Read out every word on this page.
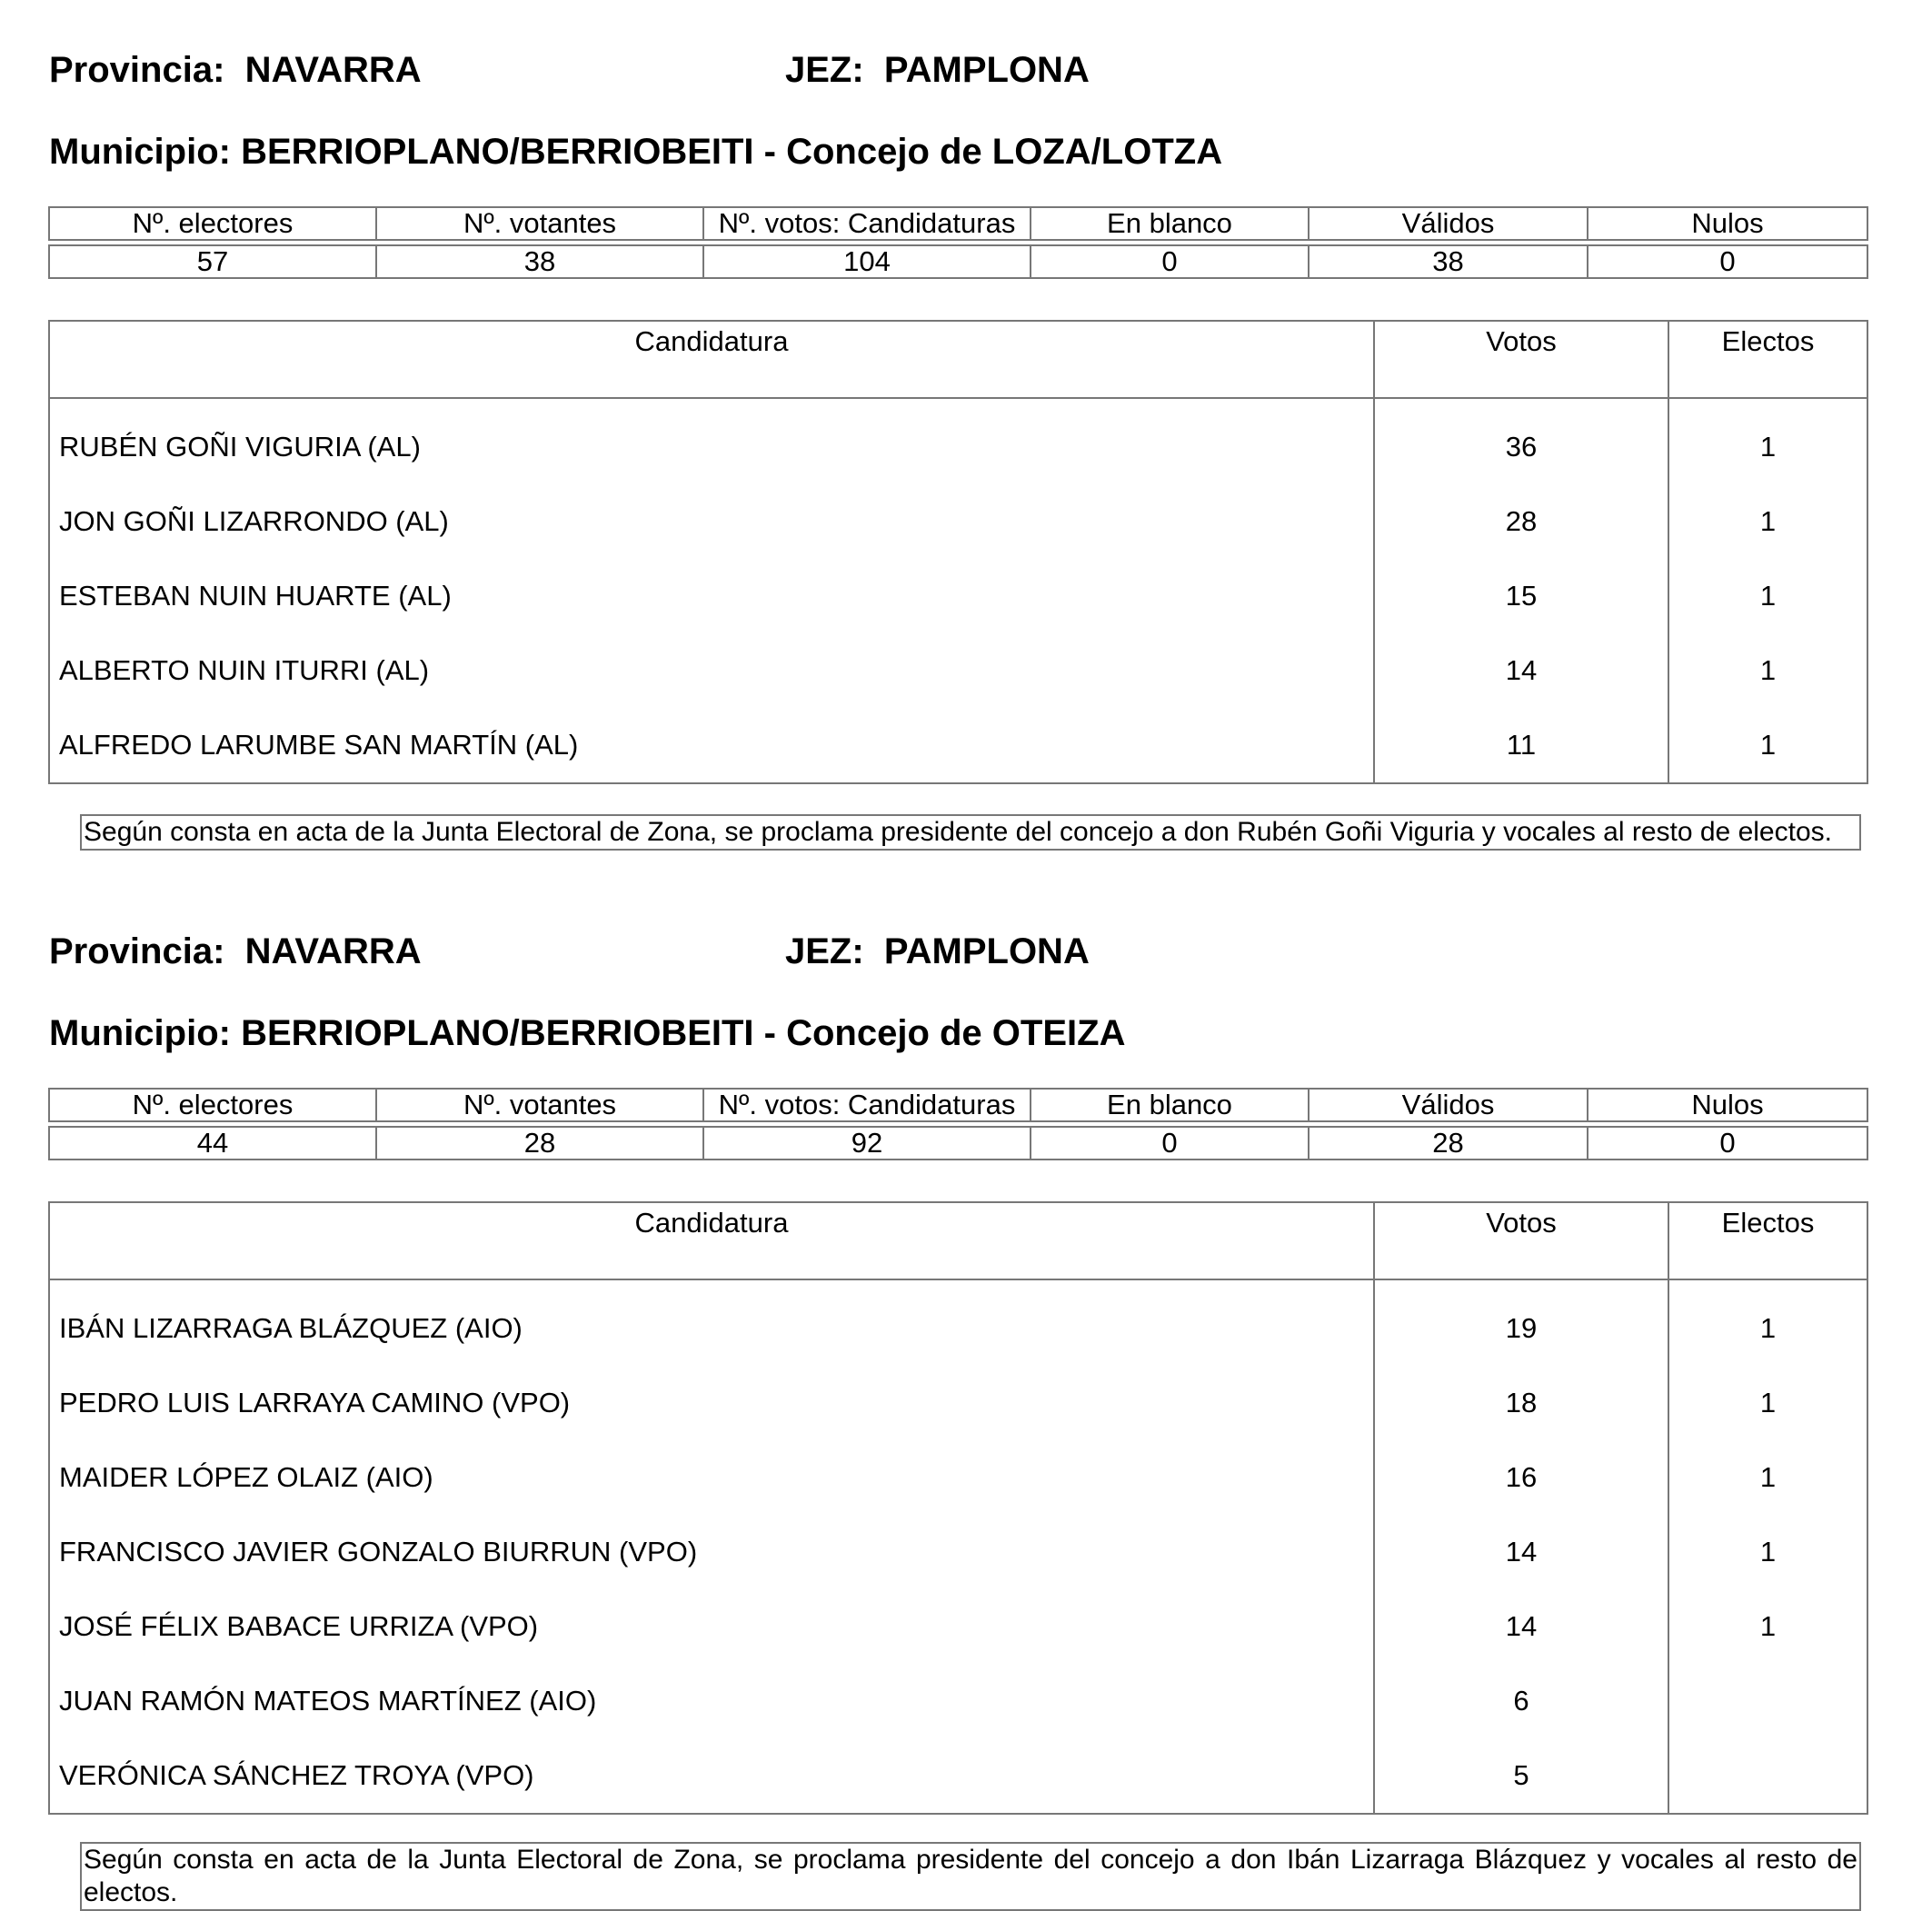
Provincia:  NAVARRA	JEZ:  PAMPLONA
Municipio: BERRIOPLANO/BERRIOBEITI - Concejo de LOZA/LOTZA
Nº. electores	Nº. votantes	Nº. votos: Candidaturas	En blanco	Válidos	Nulos
57	38	104	0	38	0
Candidatura	Votos	Electos
RUBÉN GOÑI VIGURIA (AL)	36	1
JON GOÑI LIZARRONDO (AL)	28	1
ESTEBAN NUIN HUARTE (AL)	15	1
ALBERTO NUIN ITURRI (AL)	14	1
ALFREDO LARUMBE SAN MARTÍN (AL)	11	1
Según consta en acta de la Junta Electoral de Zona, se proclama presidente del concejo a don Rubén Goñi Viguria y vocales al resto de electos.
Provincia:  NAVARRA	JEZ:  PAMPLONA
Municipio: BERRIOPLANO/BERRIOBEITI - Concejo de OTEIZA
Nº. electores	Nº. votantes	Nº. votos: Candidaturas	En blanco	Válidos	Nulos
44	28	92	0	28	0
Candidatura	Votos	Electos
IBÁN LIZARRAGA BLÁZQUEZ (AIO)	19	1
PEDRO LUIS LARRAYA CAMINO (VPO)	18	1
MAIDER LÓPEZ OLAIZ (AIO)	16	1
FRANCISCO JAVIER GONZALO BIURRUN (VPO)	14	1
JOSÉ FÉLIX BABACE URRIZA (VPO)	14	1
JUAN RAMÓN MATEOS MARTÍNEZ (AIO)	6	
VERÓNICA SÁNCHEZ TROYA (VPO)	5	
Según consta en acta de la Junta Electoral de Zona, se proclama presidente del concejo a don Ibán Lizarraga Blázquez y vocales al resto de electos.
